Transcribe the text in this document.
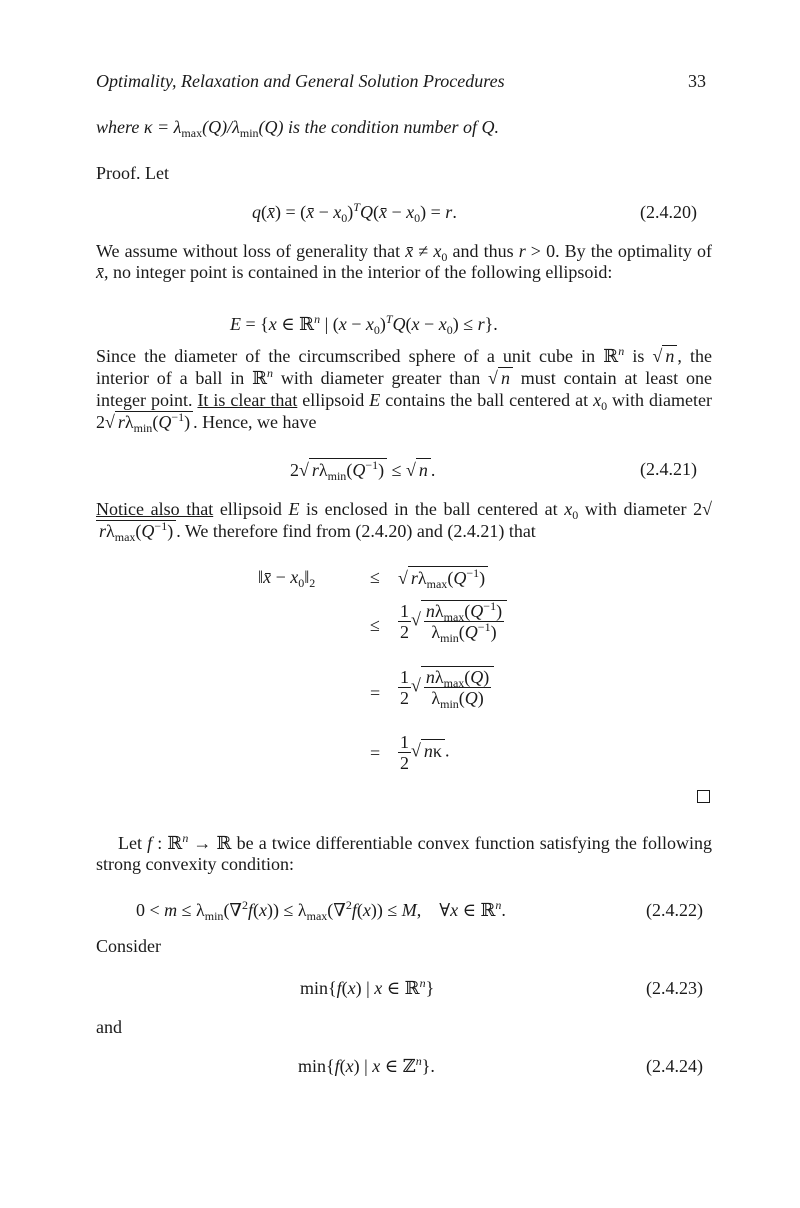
Optimality, Relaxation and General Solution Procedures	33
where $\kappa = \lambda_{max}(Q)/\lambda_{min}(Q)$ is the condition number of Q.
Proof. Let
q(x̄) = (x̄ − $x_0)^TQ(x̄ - x_0) = r$.	(2.4.20)
We assume without loss of generality that x̄ ≠ $x_0$ and thus r > 0. By the optimality of x̄, no integer point is contained in the interior of the following ellipsoid:
E = {x ∈ ℝ$^n$ | $(x - x_0)^TQ(x - x_0) \le r$}.
Since the diameter of the circumscribed sphere of a unit cube in ℝ$^n$ is √ n , the interior of a ball in ℝ$^n$ with diameter greater than √ n must contain at least one integer point. It is clear that ellipsoid E contains the ball centered at $x_0$ with diameter 2√ $r\lambda_{min}(Q^{-1})$ . Hence, we have
2√ $r\lambda_{min}(Q^{-1})$ ≤ √ n .	(2.4.21)
Notice also that ellipsoid E is enclosed in the ball centered at $x_0$ with diameter $2√r\lambda_{max}(Q^{-1})$ . We therefore find from (2.4.20) and (2.4.21) that
‖x̄ − $x_0‖_2$	≤ √ $r\lambda_{max}(Q^{-1})$
≤ $\frac{1}{2}$ √ $\frac{n\lambda_{max}(Q^{-1})}{\lambda_{min}(Q^{-1})}$
= $\frac{1}{2}$ √ $\frac{n\lambda_{max}(Q)}{\lambda_{min}(Q)}$
= $\frac{1}{2}$ √ nκ .
Let f : ℝ$^n$ → ℝ be a twice differentiable convex function satisfying the following strong convexity condition:
$0 < m \le \lambda_{min}(\nabla^2f(x)) \le \lambda_{max}(\nabla^2f(x)) \le M$,    ∀x ∈ ℝ$^n$.	(2.4.22)
Consider
min{f(x) | x ∈ ℝ$^n$}	(2.4.23)
and
min{f(x) | x ∈ ℤ$^n$}.	(2.4.24)
